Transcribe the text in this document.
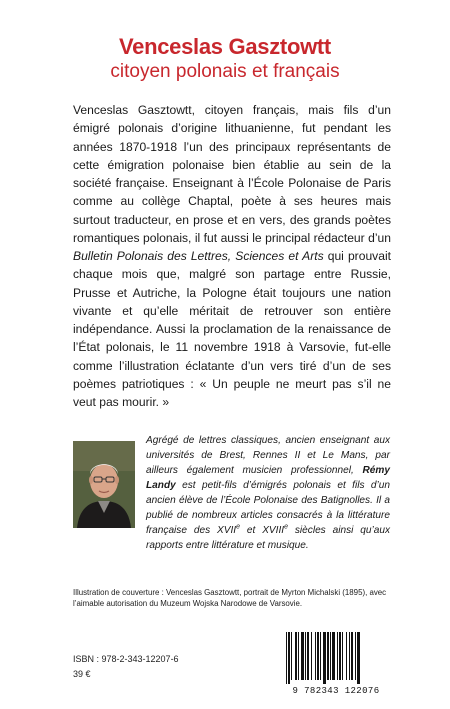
Venceslas Gasztowtt
citoyen polonais et français

Venceslas Gasztowtt, citoyen français, mais fils d’un émigré polonais d’origine lithuanienne, fut pendant les années 1870-1918 l’un des principaux représentants de cette émigration polonaise bien établie au sein de la société française. Enseignant à l’École Polonaise de Paris comme au collège Chaptal, poète à ses heures mais surtout traducteur, en prose et en vers, des grands poètes romantiques polonais, il fut aussi le principal rédacteur d’un Bulletin Polonais des Lettres, Sciences et Arts qui prouvait chaque mois que, malgré son partage entre Russie, Prusse et Autriche, la Pologne était toujours une nation vivante et qu’elle méritait de retrouver son entière indépendance. Aussi la proclamation de la renaissance de l’État polonais, le 11 novembre 1918 à Varsovie, fut-elle comme l’illustration éclatante d’un vers tiré d’un de ses poèmes patriotiques : « Un peuple ne meurt pas s’il ne veut pas mourir. »

Agrégé de lettres classiques, ancien enseignant aux universités de Brest, Rennes II et Le Mans, par ailleurs également musicien professionnel, Rémy Landy est petit-fils d’émigrés polonais et fils d’un ancien élève de l’École Polonaise des Batignolles. Il a publié de nombreux articles consacrés à la littérature française des XVIIe et XVIIIe siècles ainsi qu’aux rapports entre littérature et musique.

Illustration de couverture : Venceslas Gasztowtt, portrait de Myrton Michalski (1895), avec l’aimable autorisation du Muzeum Wojska Narodowe de Varsovie.
ISBN : 978-2-343-12207-6
39 €
9 782343 122076
